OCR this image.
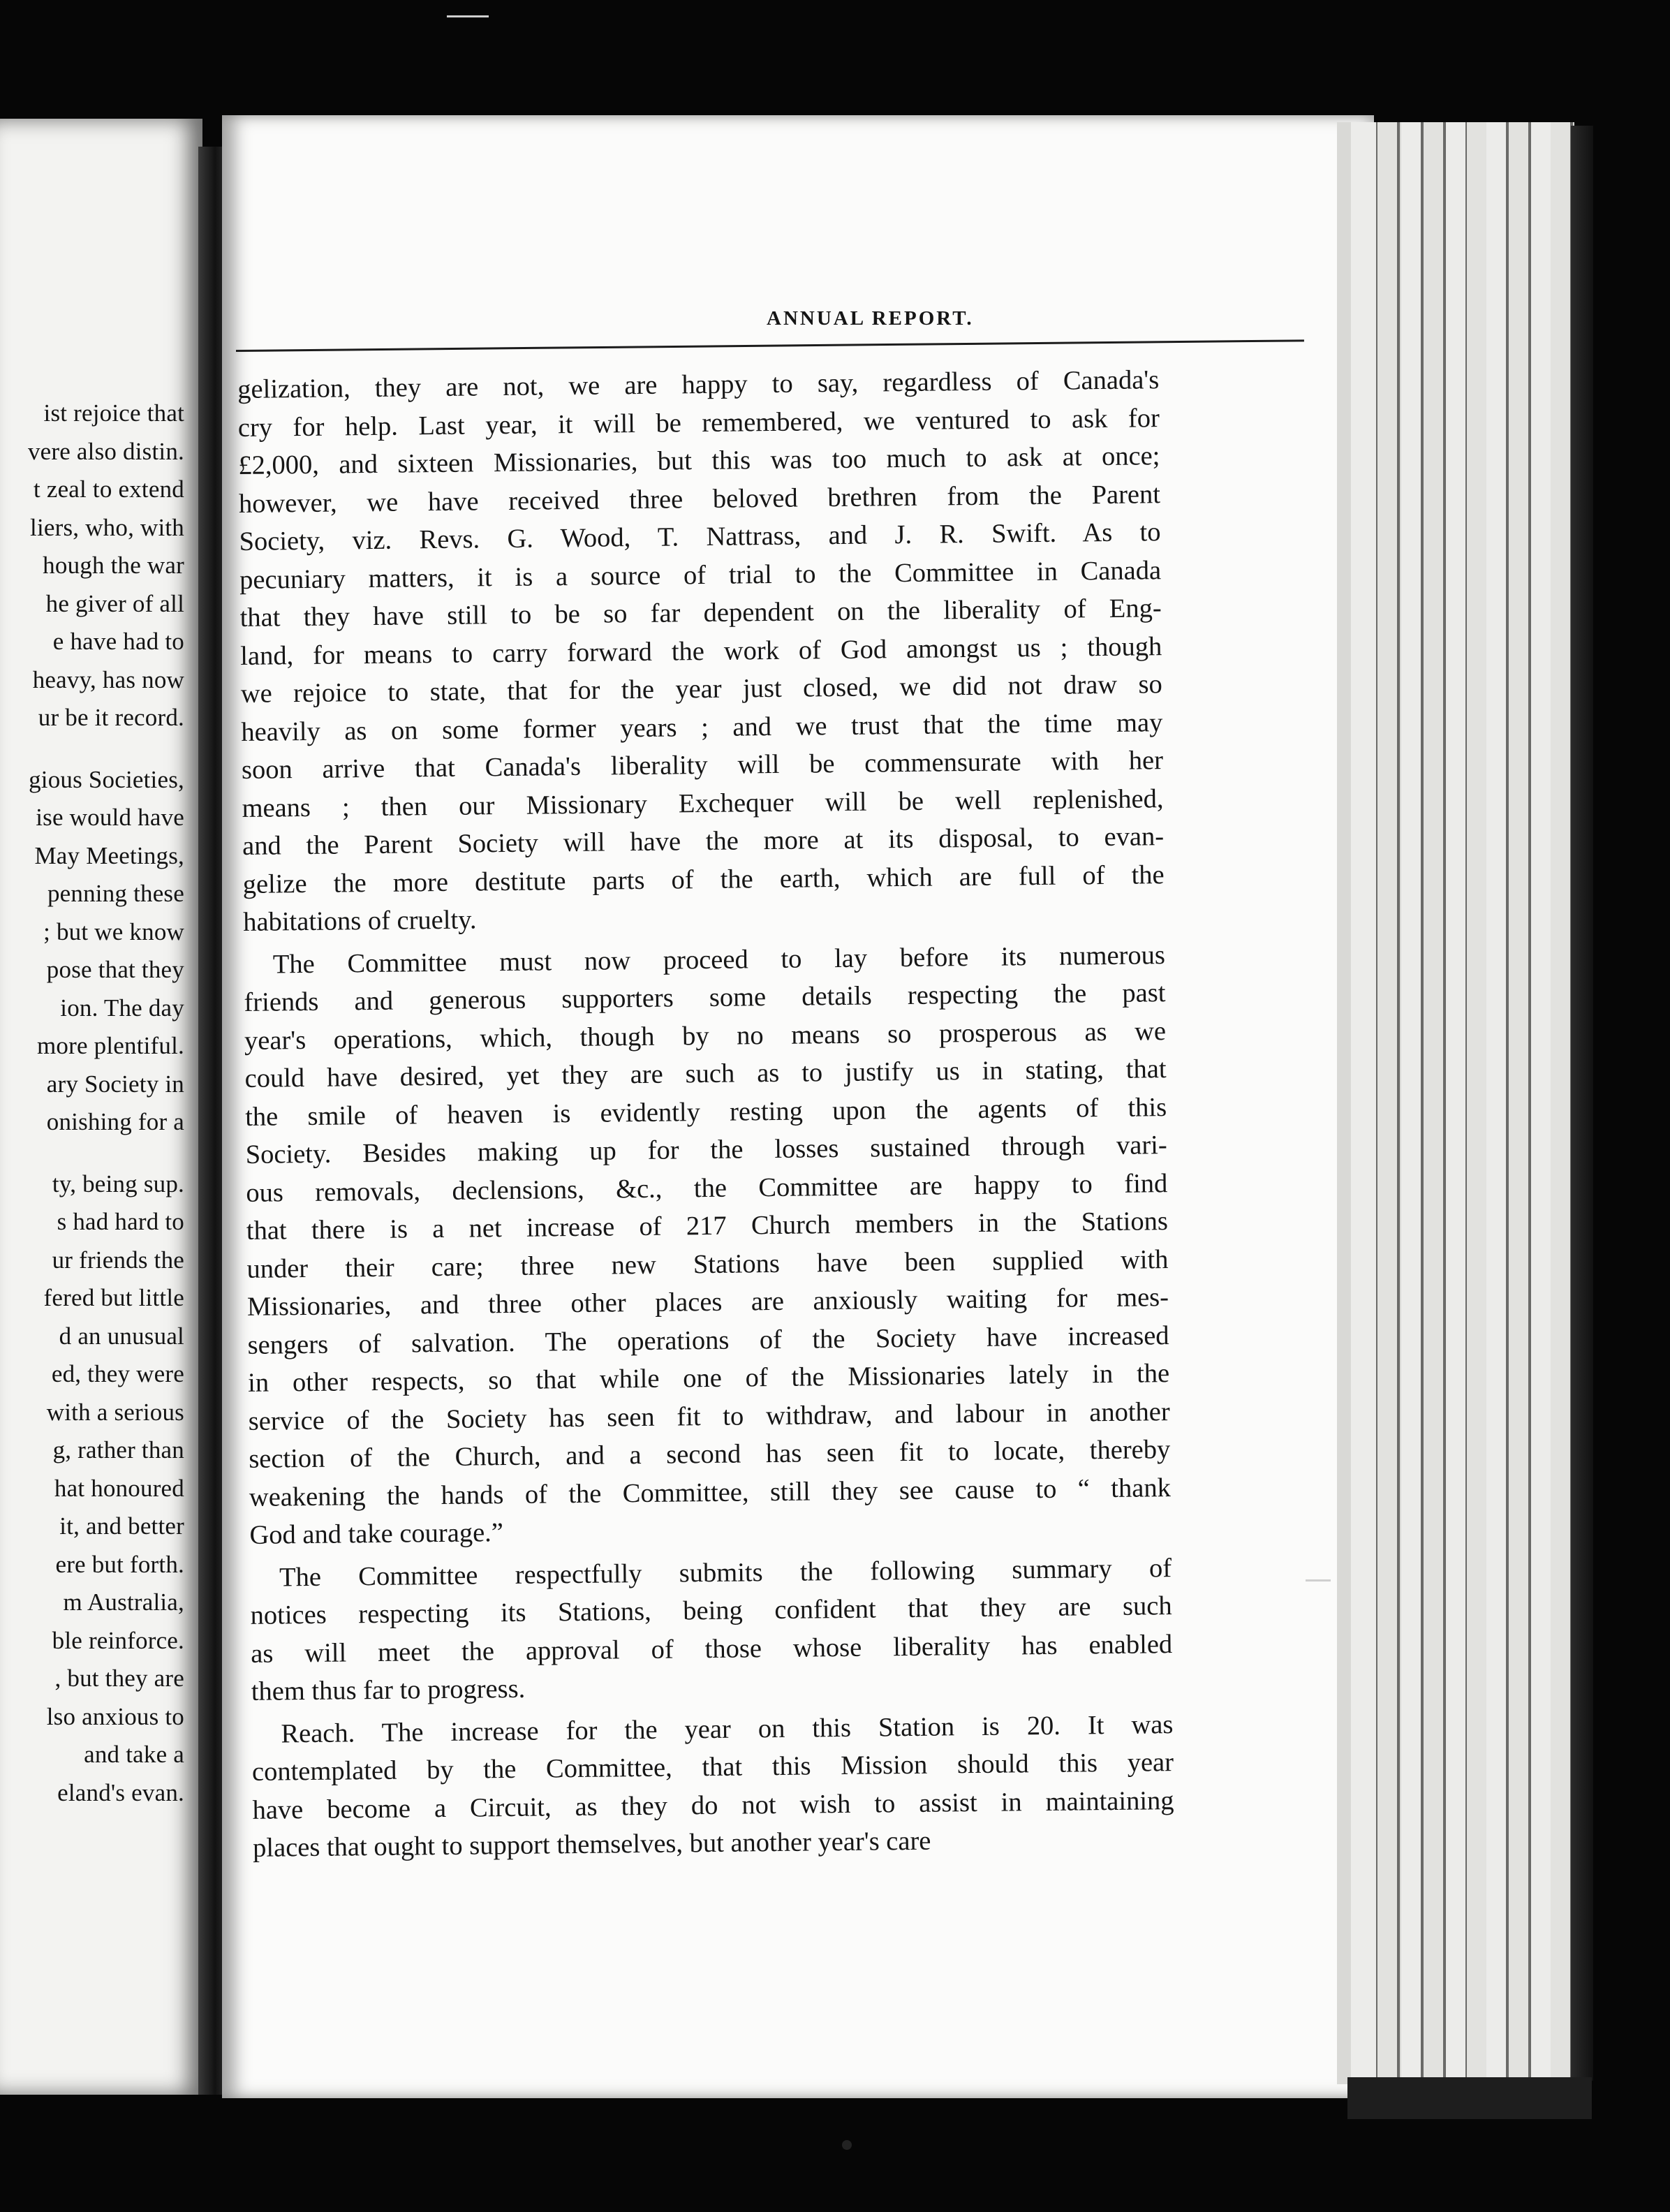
ist rejoice that
vere also distin.
t zeal to extend
liers, who, with
hough the war
he giver of all
e have had to
heavy, has now
ur be it record.
gious Societies,
ise would have
May Meetings,
penning these
; but we know
pose that they
ion. The day
more plentiful.
ary Society in
onishing for a
ty, being sup.
s had hard to
ur friends the
fered but little
d an unusual
ed, they were
with a serious
g, rather than
hat honoured
it, and better
ere but forth.
m Australia,
ble reinforce.
, but they are
lso anxious to
and take a
eland's evan.
ANNUAL REPORT.

gelization, they are not, we are happy to say, regardless of Canada's
cry for help. Last year, it will be remembered, we ventured to ask for
£2,000, and sixteen Missionaries, but this was too much to ask at once;
however, we have received three beloved brethren from the Parent
Society, viz. Revs. G. Wood, T. Nattrass, and J. R. Swift. As to
pecuniary matters, it is a source of trial to the Committee in Canada
that they have still to be so far dependent on the liberality of Eng-
land, for means to carry forward the work of God amongst us ; though
we rejoice to state, that for the year just closed, we did not draw so
heavily as on some former years ; and we trust that the time may
soon arrive that Canada's liberality will be commensurate with her
means ; then our Missionary Exchequer will be well replenished,
and the Parent Society will have the more at its disposal, to evan-
gelize the more destitute parts of the earth, which are full of the
habitations of cruelty.

The Committee must now proceed to lay before its numerous
friends and generous supporters some details respecting the past
year's operations, which, though by no means so prosperous as we
could have desired, yet they are such as to justify us in stating, that
the smile of heaven is evidently resting upon the agents of this
Society. Besides making up for the losses sustained through vari-
ous removals, declensions, &c., the Committee are happy to find
that there is a net increase of 217 Church members in the Stations
under their care; three new Stations have been supplied with
Missionaries, and three other places are anxiously waiting for mes-
sengers of salvation. The operations of the Society have increased
in other respects, so that while one of the Missionaries lately in the
service of the Society has seen fit to withdraw, and labour in another
section of the Church, and a second has seen fit to locate, thereby
weakening the hands of the Committee, still they see cause to “ thank
God and take courage.”

The Committee respectfully submits the following summary of
notices respecting its Stations, being confident that they are such
as will meet the approval of those whose liberality has enabled
them thus far to progress.

Reach. The increase for the year on this Station is 20. It was
contemplated by the Committee, that this Mission should this year
have become a Circuit, as they do not wish to assist in maintaining
places that ought to support themselves, but another year's care
